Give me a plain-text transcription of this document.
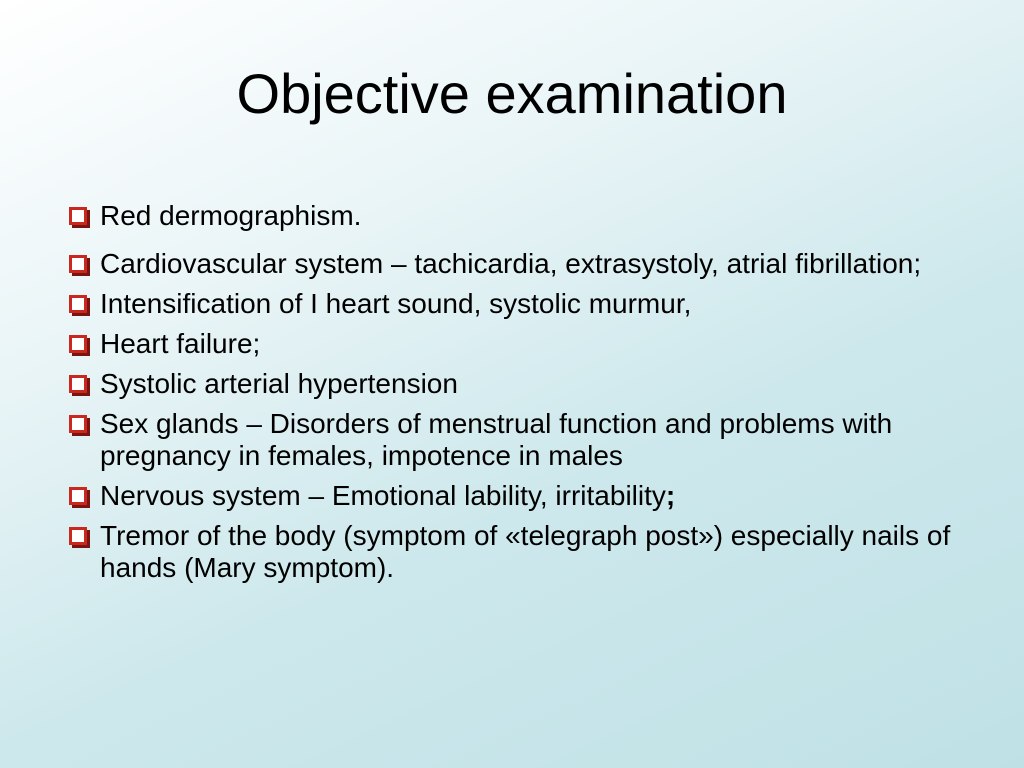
Objective examination
Red dermographism.
Cardiovascular system – tachicardia, extrasystoly, atrial fibrillation;
Intensification of I heart sound, systolic murmur,
Heart failure;
Systolic arterial hypertension
Sex glands – Disorders of menstrual function and problems with pregnancy in females, impotence in males
Nervous system – Emotional lability, irritability;
Tremor of the body (symptom of «telegraph post») especially nails of hands (Mary symptom).
